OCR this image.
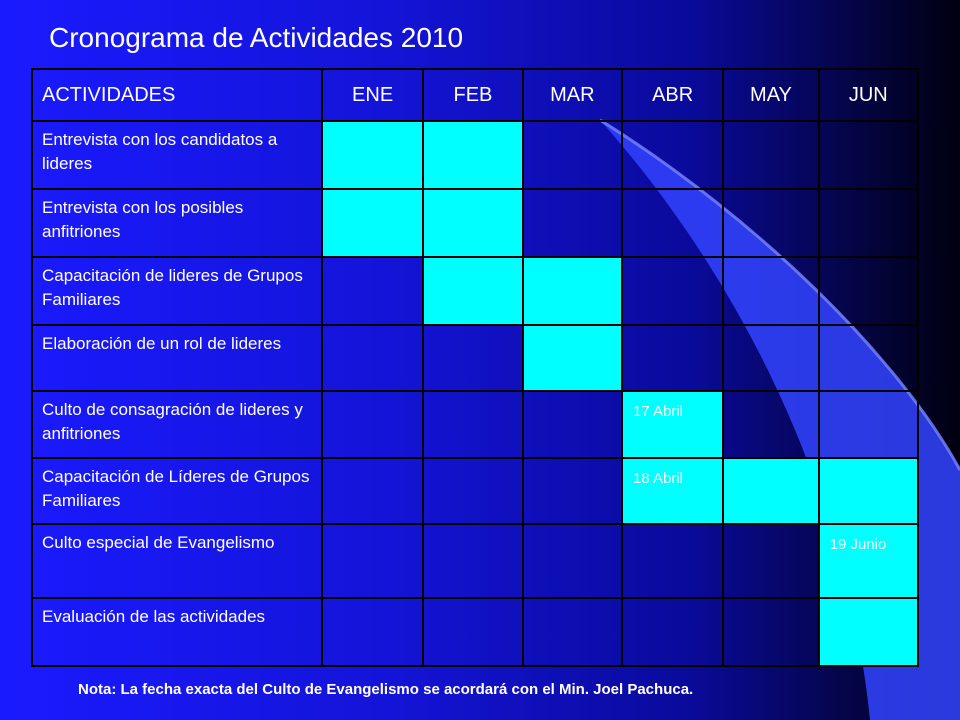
Cronograma de Actividades 2010
ACTIVIDADES	ENE	FEB	MAR	ABR	MAY	JUN
Entrevista con los candidatos a lideres						
Entrevista con los posibles anfitriones						
Capacitación de lideres de Grupos Familiares						
Elaboración de un rol de lideres						
Culto de consagración de lideres y anfitriones				17 Abril		
Capacitación de Líderes de Grupos Familiares				18 Abril		
Culto especial de Evangelismo						19 Junio
Evaluación de las actividades						
Nota: La fecha exacta del Culto de Evangelismo se acordará con el Min. Joel Pachuca.
